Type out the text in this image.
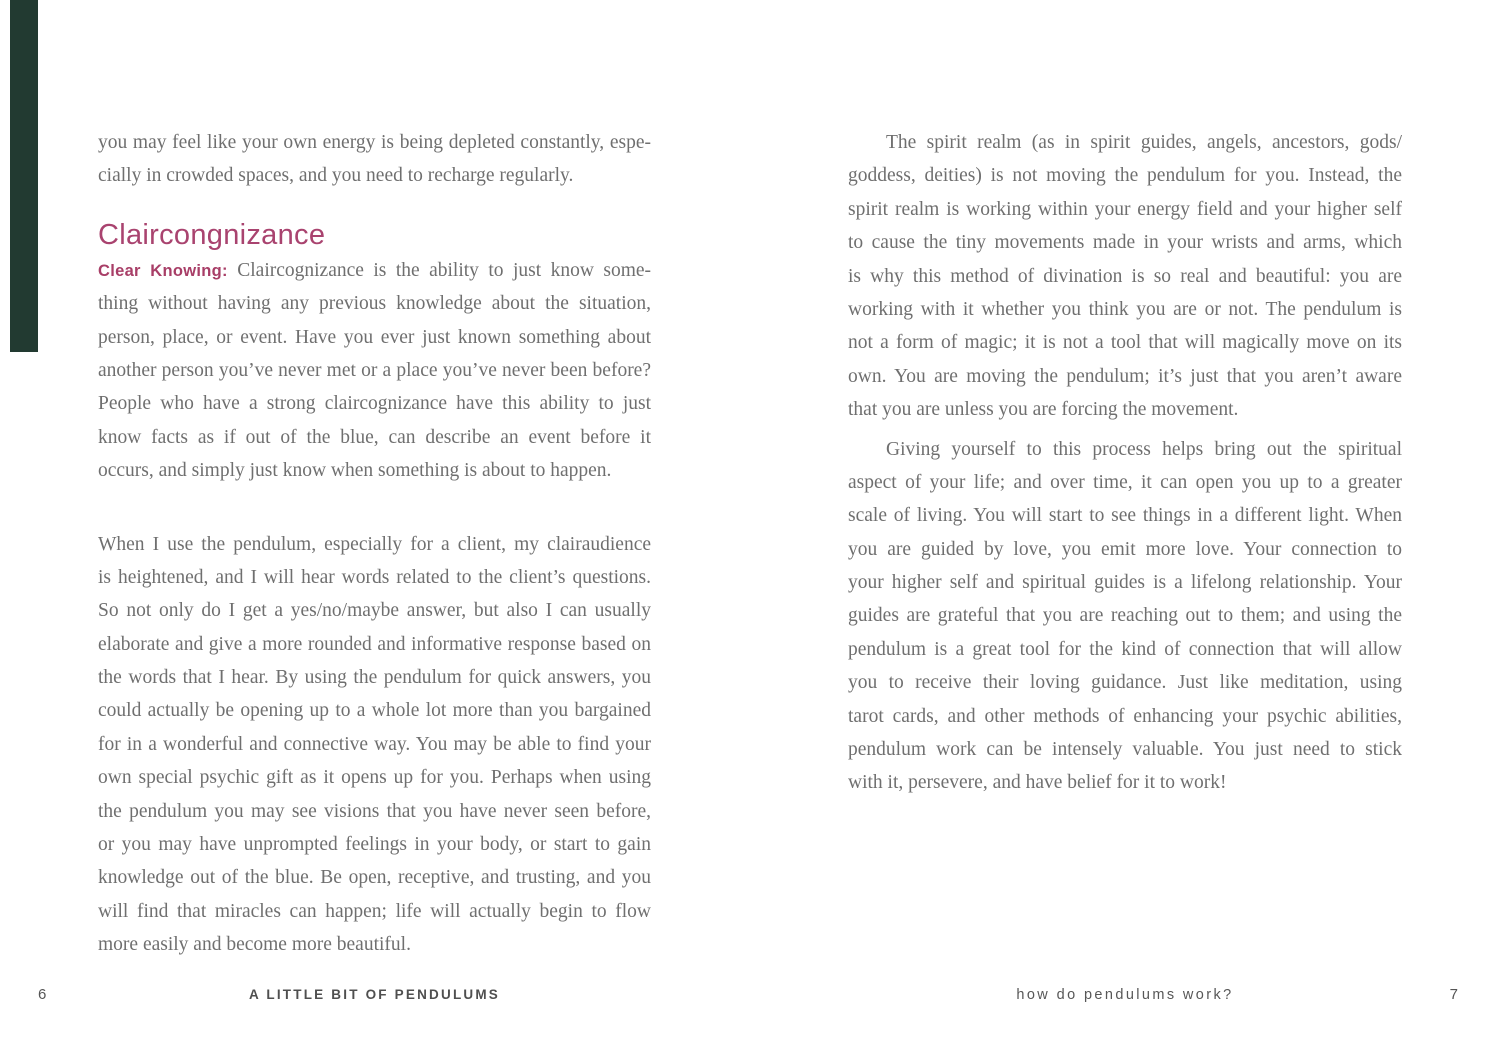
you may feel like your own energy is being depleted constantly, espe-
cially in crowded spaces, and you need to recharge regularly.
Claircongnizance
Clear Knowing: Claircognizance is the ability to just know some-
thing without having any previous knowledge about the situation,
person, place, or event. Have you ever just known something about
another person you’ve never met or a place you’ve never been before?
People who have a strong claircognizance have this ability to just
know facts as if out of the blue, can describe an event before it
occurs, and simply just know when something is about to happen.
When I use the pendulum, especially for a client, my clairaudience
is heightened, and I will hear words related to the client’s questions.
So not only do I get a yes/no/maybe answer, but also I can usually
elaborate and give a more rounded and informative response based on
the words that I hear. By using the pendulum for quick answers, you
could actually be opening up to a whole lot more than you bargained
for in a wonderful and connective way. You may be able to find your
own special psychic gift as it opens up for you. Perhaps when using
the pendulum you may see visions that you have never seen before,
or you may have unprompted feelings in your body, or start to gain
knowledge out of the blue. Be open, receptive, and trusting, and you
will find that miracles can happen; life will actually begin to flow
more easily and become more beautiful.
6	A LITTLE BIT OF PENDULUMS
The spirit realm (as in spirit guides, angels, ancestors, gods/
goddess, deities) is not moving the pendulum for you. Instead, the
spirit realm is working within your energy field and your higher self
to cause the tiny movements made in your wrists and arms, which
is why this method of divination is so real and beautiful: you are
working with it whether you think you are or not. The pendulum is
not a form of magic; it is not a tool that will magically move on its
own. You are moving the pendulum; it’s just that you aren’t aware
that you are unless you are forcing the movement.
Giving yourself to this process helps bring out the spiritual
aspect of your life; and over time, it can open you up to a greater
scale of living. You will start to see things in a different light. When
you are guided by love, you emit more love. Your connection to
your higher self and spiritual guides is a lifelong relationship. Your
guides are grateful that you are reaching out to them; and using the
pendulum is a great tool for the kind of connection that will allow
you to receive their loving guidance. Just like meditation, using
tarot cards, and other methods of enhancing your psychic abilities,
pendulum work can be intensely valuable. You just need to stick
with it, persevere, and have belief for it to work!
how do pendulums work?	7
